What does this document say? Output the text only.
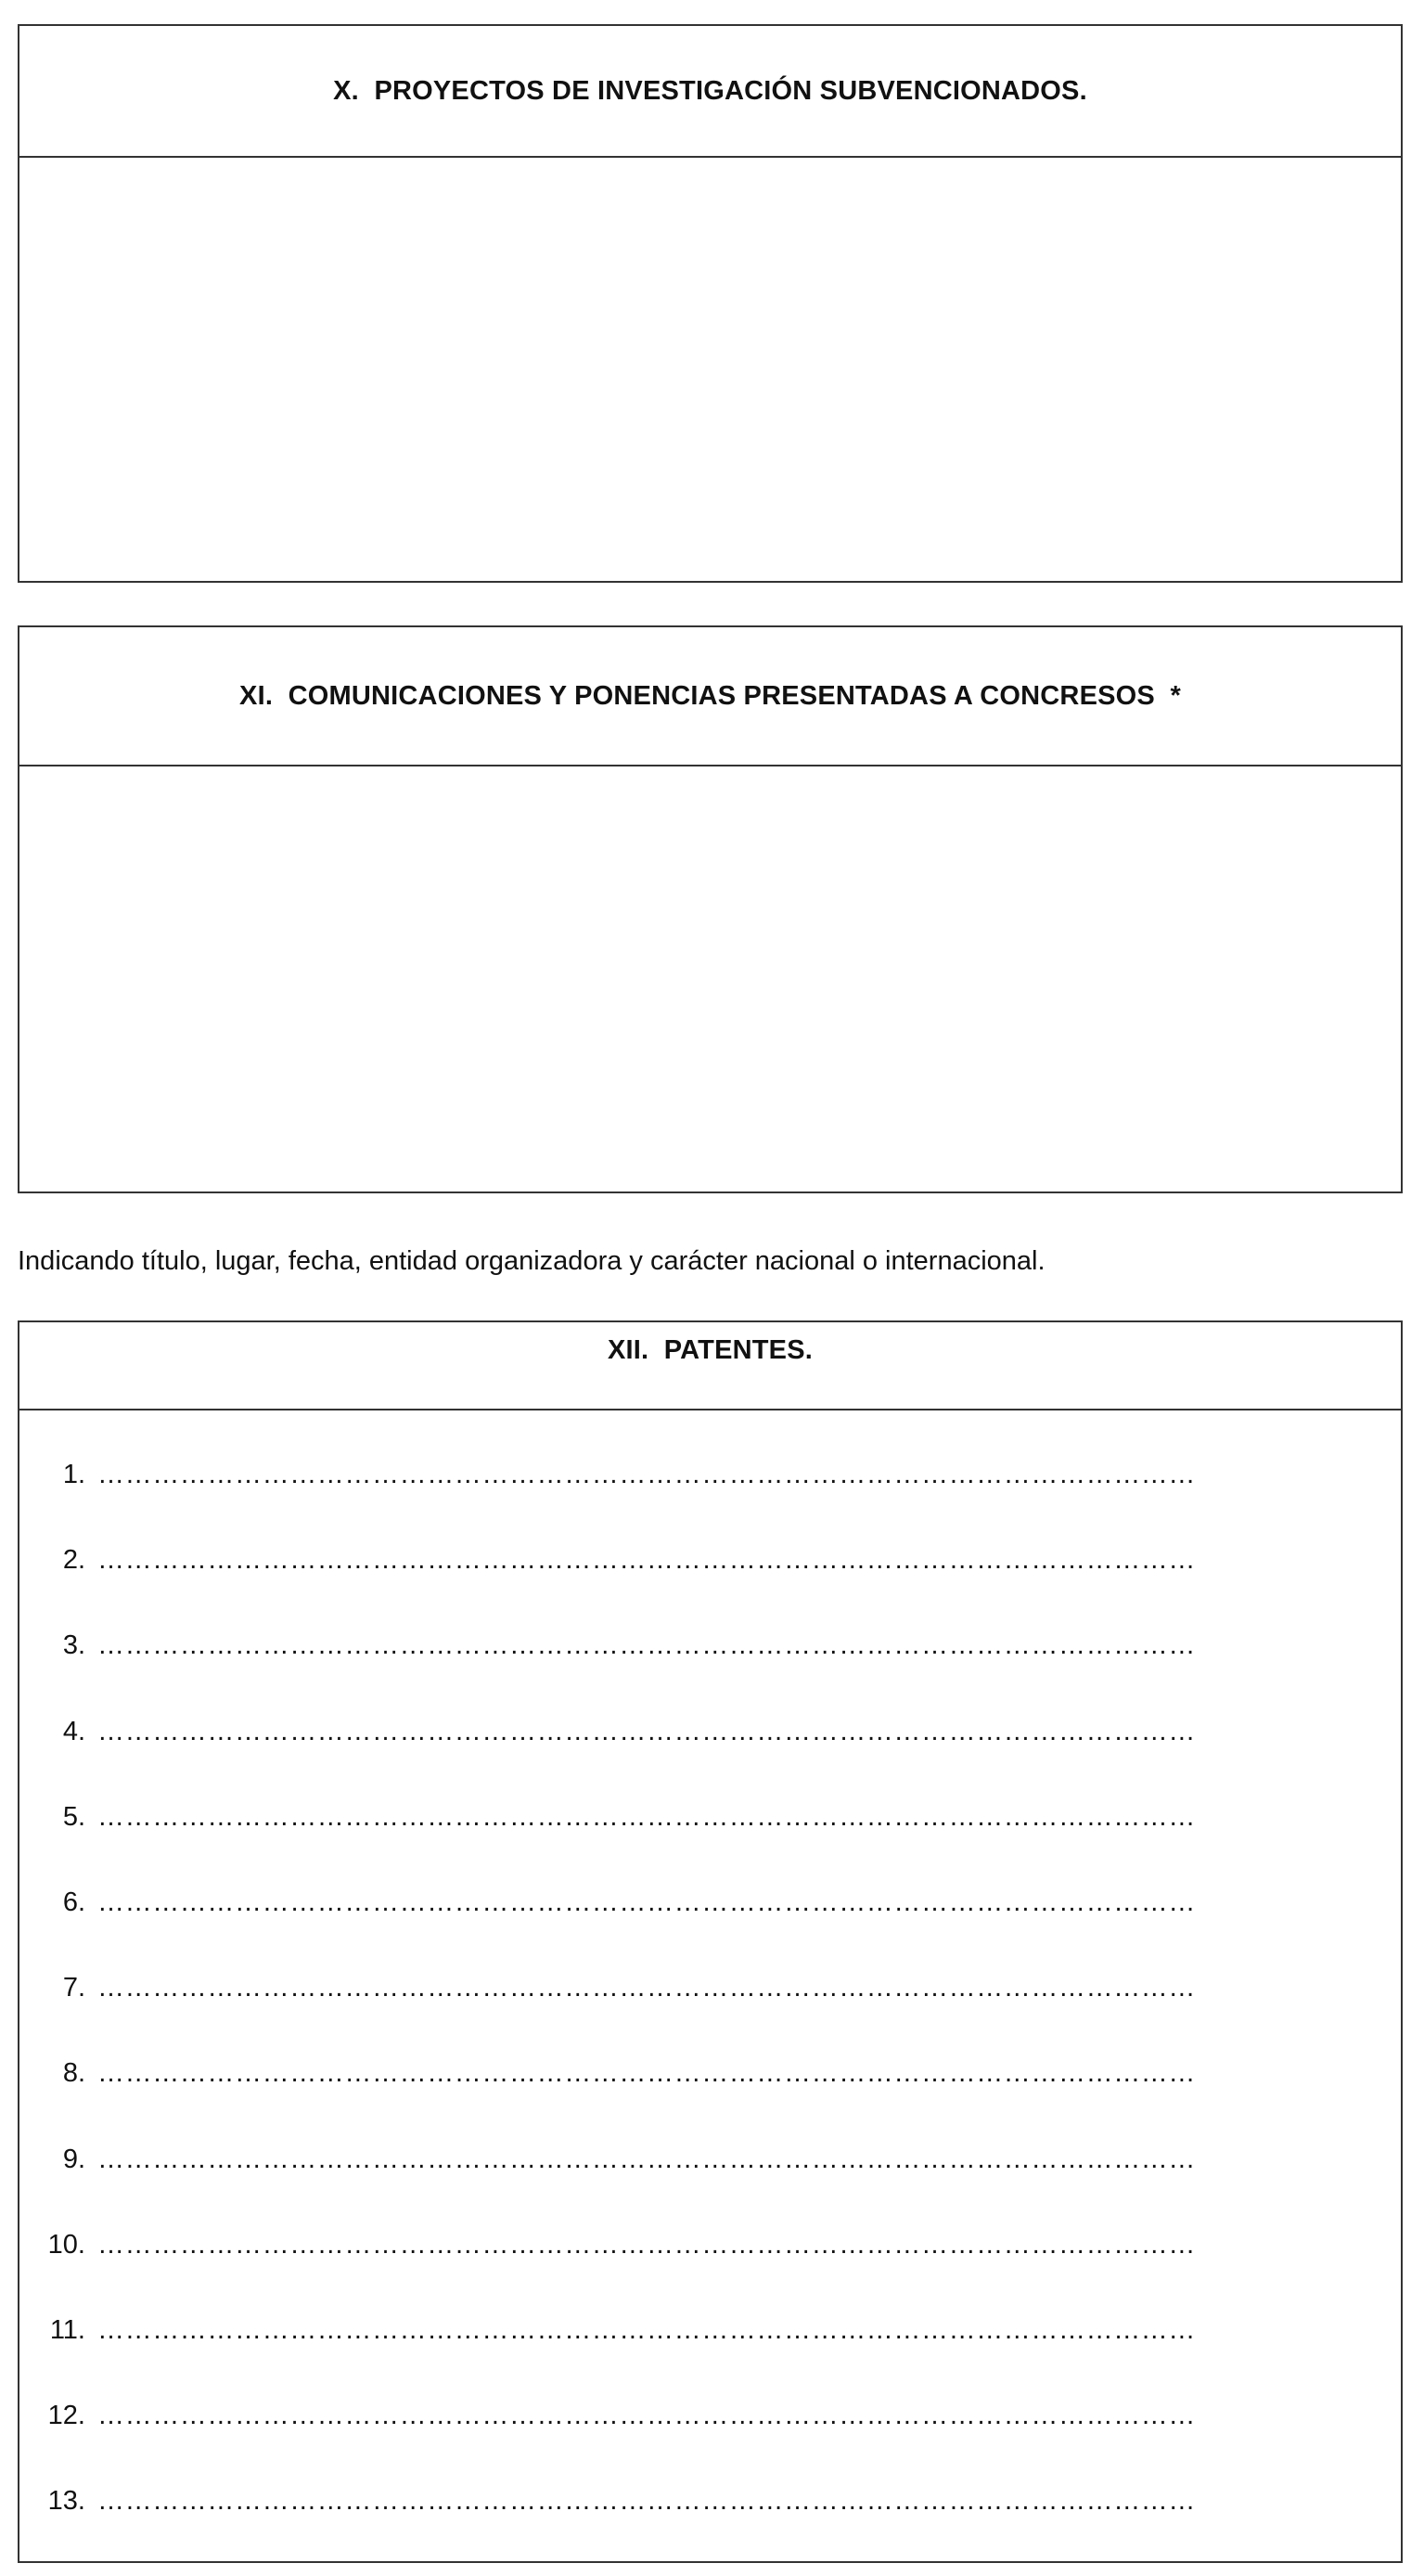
X.  PROYECTOS DE INVESTIGACIÓN SUBVENCIONADOS.
XI.  COMUNICACIONES Y PONENCIAS PRESENTADAS A CONCRESOS  *
Indicando título, lugar, fecha, entidad organizadora y carácter nacional o internacional.
XII.  PATENTES.
1. …………………………………………………………………………………………………………
2. …………………………………………………………………………………………………………
3. …………………………………………………………………………………………………………
4. …………………………………………………………………………………………………………
5. …………………………………………………………………………………………………………
6. …………………………………………………………………………………………………………
7. …………………………………………………………………………………………………………
8. …………………………………………………………………………………………………………
9. …………………………………………………………………………………………………………
10. …………………………………………………………………………………………………………
11. …………………………………………………………………………………………………………
12. …………………………………………………………………………………………………………
13. …………………………………………………………………………………………………………
